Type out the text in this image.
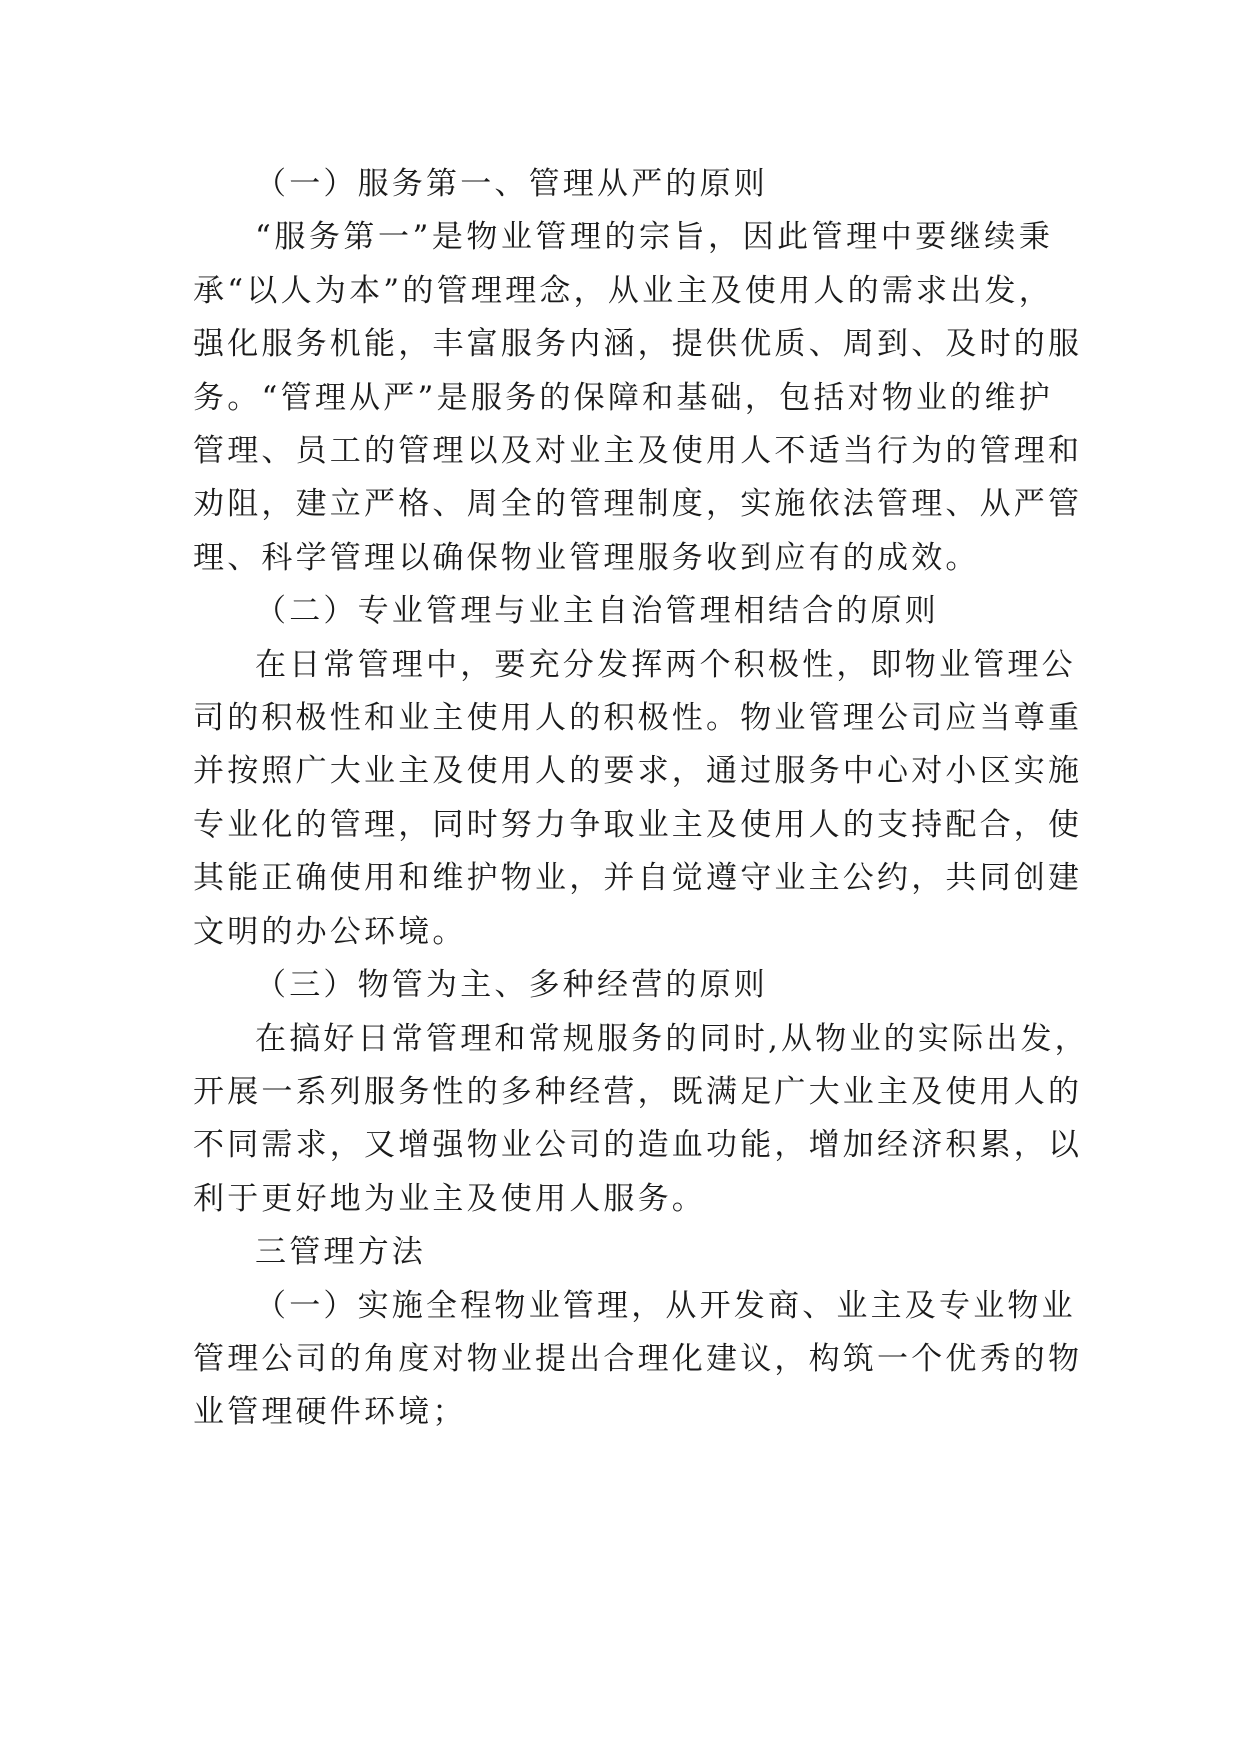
（一）服务第一、管理从严的原则

“服务第一”是物业管理的宗旨，因此管理中要继续秉
承“以人为本”的管理理念，从业主及使用人的需求出发，
强化服务机能，丰富服务内涵，提供优质、周到、及时的服
务。“管理从严”是服务的保障和基础，包括对物业的维护
管理、员工的管理以及对业主及使用人不适当行为的管理和
劝阻，建立严格、周全的管理制度，实施依法管理、从严管
理、科学管理以确保物业管理服务收到应有的成效。

（二）专业管理与业主自治管理相结合的原则

在日常管理中，要充分发挥两个积极性，即物业管理公
司的积极性和业主使用人的积极性。物业管理公司应当尊重
并按照广大业主及使用人的要求，通过服务中心对小区实施
专业化的管理，同时努力争取业主及使用人的支持配合，使
其能正确使用和维护物业，并自觉遵守业主公约，共同创建
文明的办公环境。

（三）物管为主、多种经营的原则

在搞好日常管理和常规服务的同时,从物业的实际出发，
开展一系列服务性的多种经营，既满足广大业主及使用人的
不同需求，又增强物业公司的造血功能，增加经济积累，以
利于更好地为业主及使用人服务。

三管理方法

（一）实施全程物业管理，从开发商、业主及专业物业
管理公司的角度对物业提出合理化建议，构筑一个优秀的物
业管理硬件环境；
